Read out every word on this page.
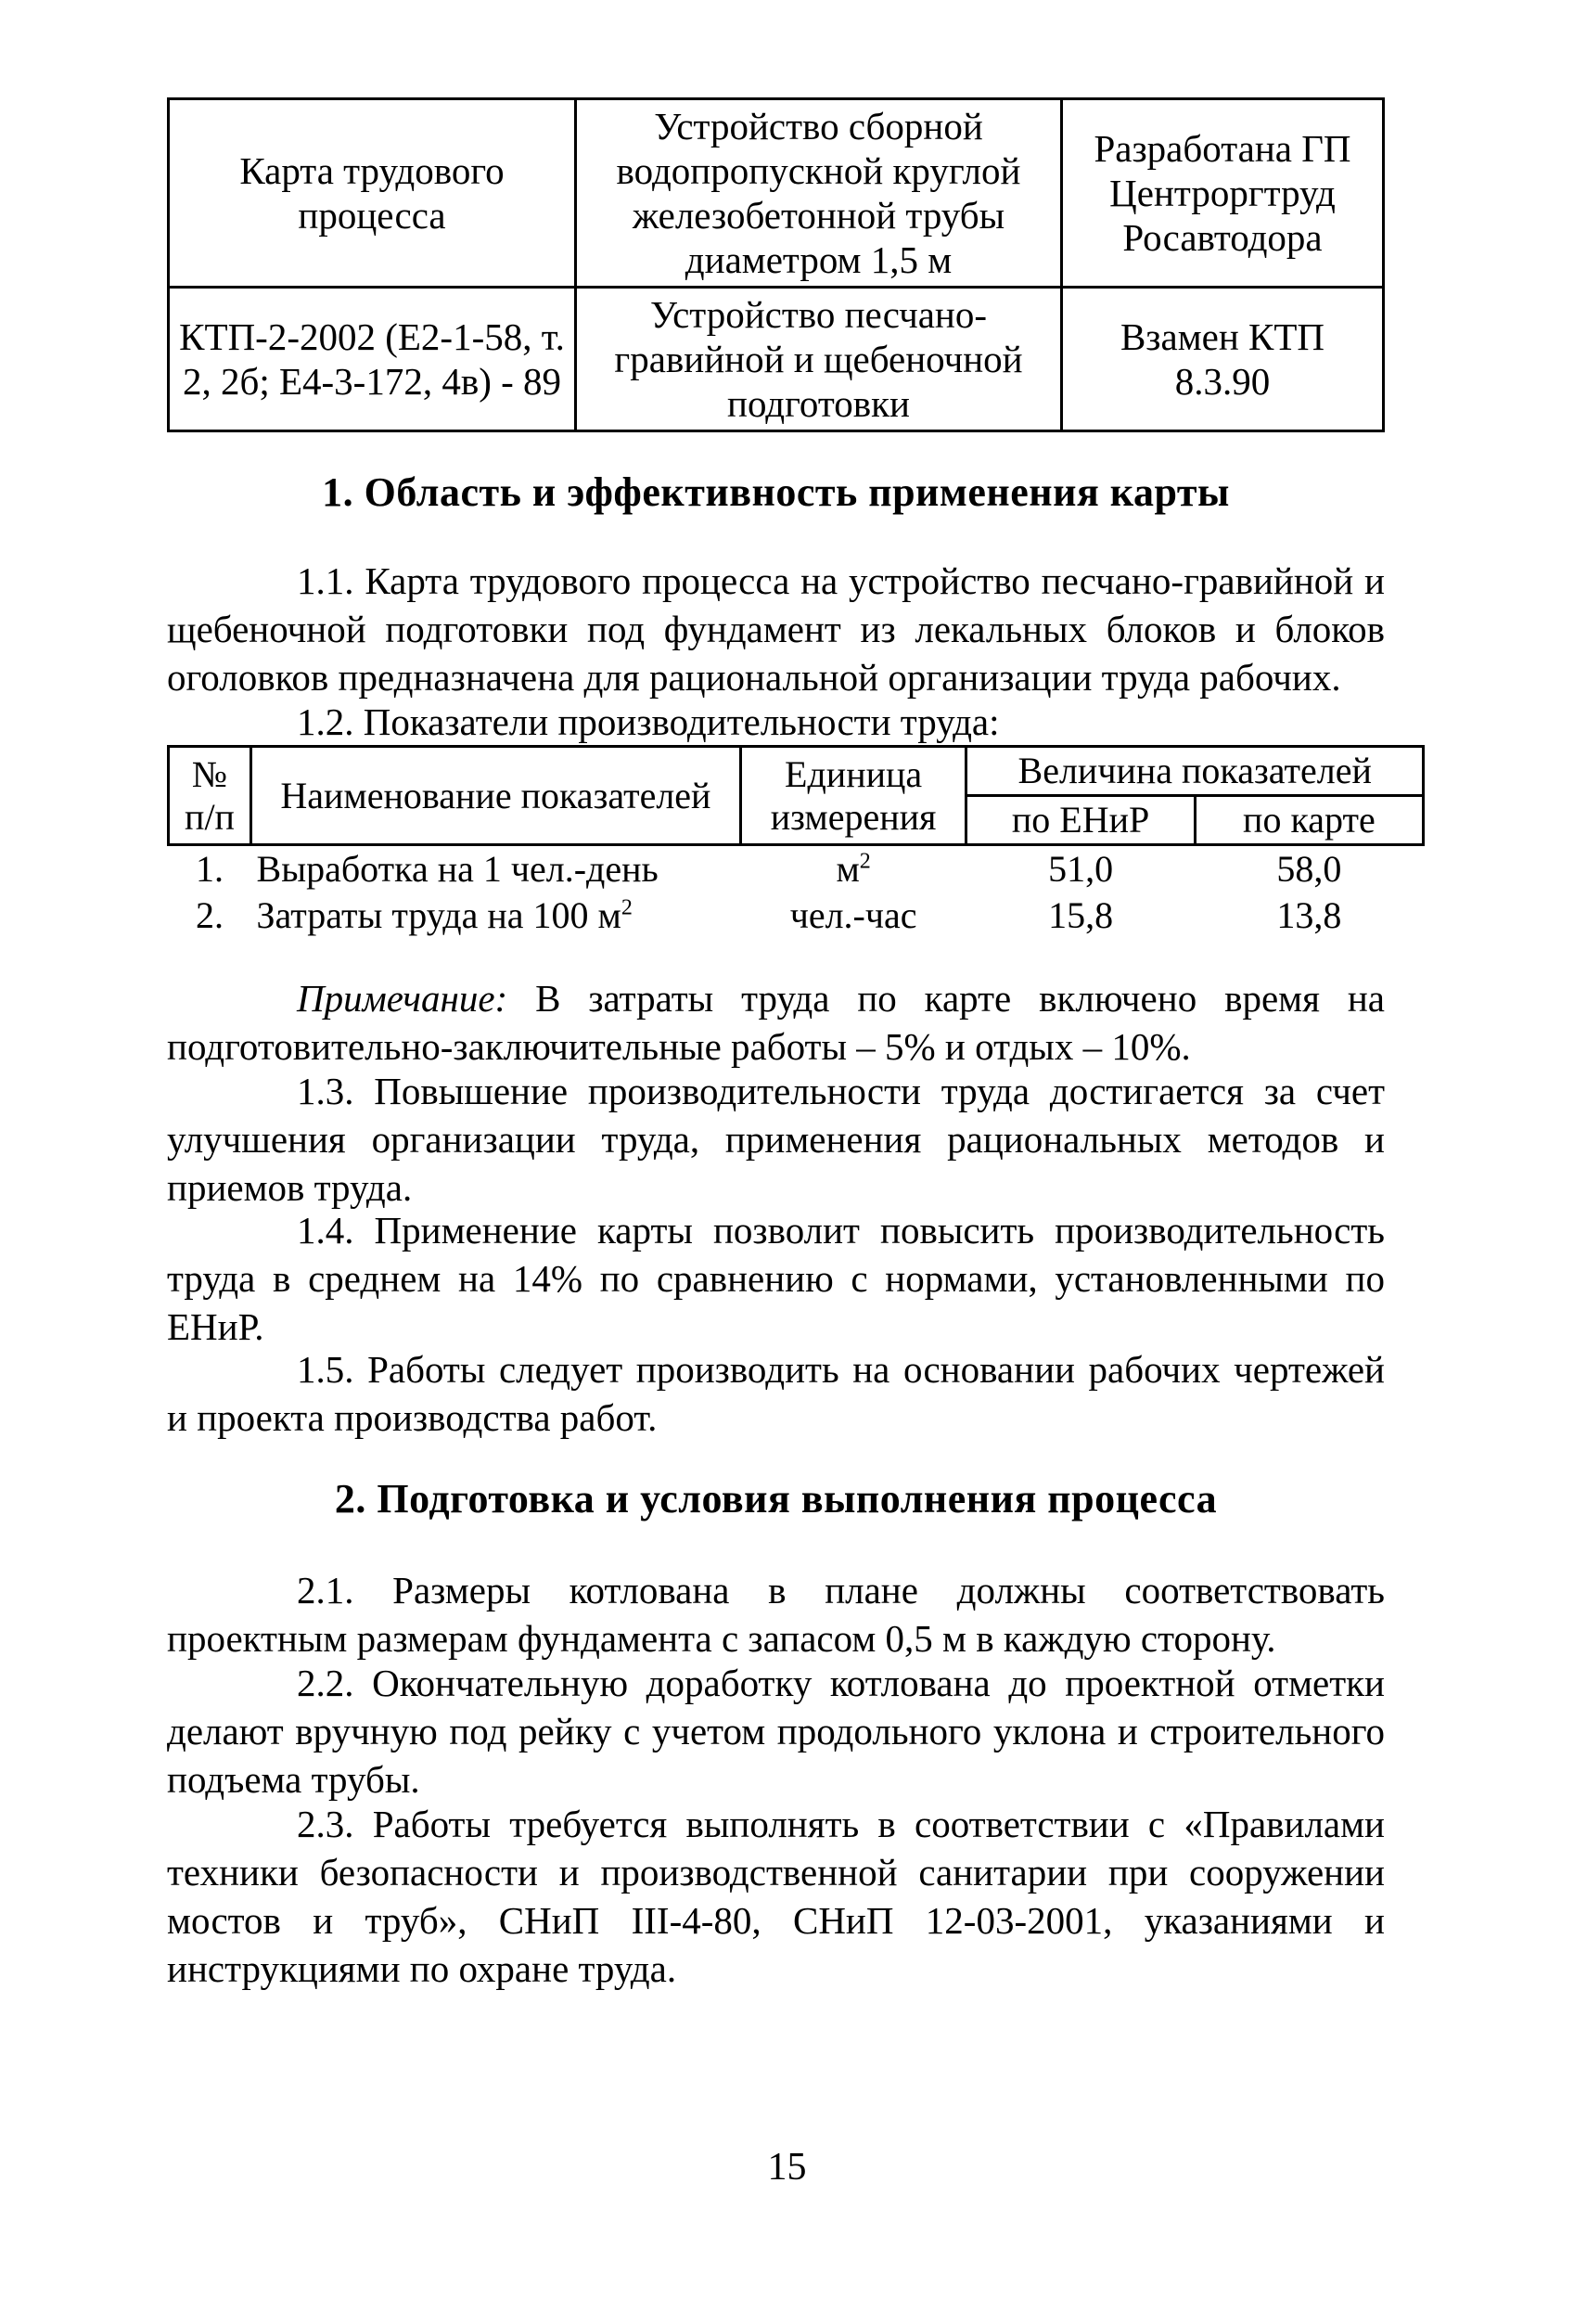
Карта трудового процесса	Устройство сборной водопропускной круглой железобетонной трубы диаметром 1,5 м	Разработана ГП Центроргтруд Росавтодора
КТП-2-2002 (Е2-1-58, т. 2, 2б; Е4-3-172, 4в) - 89	Устройство песчано-гравийной и щебеночной подготовки	Взамен КТП 8.3.90
1. Область и эффективность применения карты
1.1. Карта трудового процесса на устройство песчано-гравийной и щебеночной подготовки под фундамент из лекальных блоков и блоков оголовков предназначена для рациональной организации труда рабочих.
1.2. Показатели производительности труда:
№ п/п	Наименование показателей	Единица измерения	Величина показателей	
			по ЕНиР	по карте
1.	Выработка на 1 чел.-день	$м^2$	51,0	58,0
2.	Затраты труда на 100 $м^2$	чел.-час	15,8	13,8
Примечание: В затраты труда по карте включено время на подготовительно-заключительные работы – 5% и отдых – 10%.
1.3. Повышение производительности труда достигается за счет улучшения организации труда, применения рациональных методов и приемов труда.
1.4. Применение карты позволит повысить производительность труда в среднем на 14% по сравнению с нормами, установленными по ЕНиР.
1.5. Работы следует производить на основании рабочих чертежей и проекта производства работ.
2. Подготовка и условия выполнения процесса
2.1. Размеры котлована в плане должны соответствовать проектным размерам фундамента с запасом 0,5 м в каждую сторону.
2.2. Окончательную доработку котлована до проектной отметки делают вручную под рейку с учетом продольного уклона и строительного подъема трубы.
2.3. Работы требуется выполнять в соответствии с «Правилами техники безопасности и производственной санитарии при сооружении мостов и труб», СНиП III-4-80, СНиП 12-03-2001, указаниями и инструкциями по охране труда.
15
